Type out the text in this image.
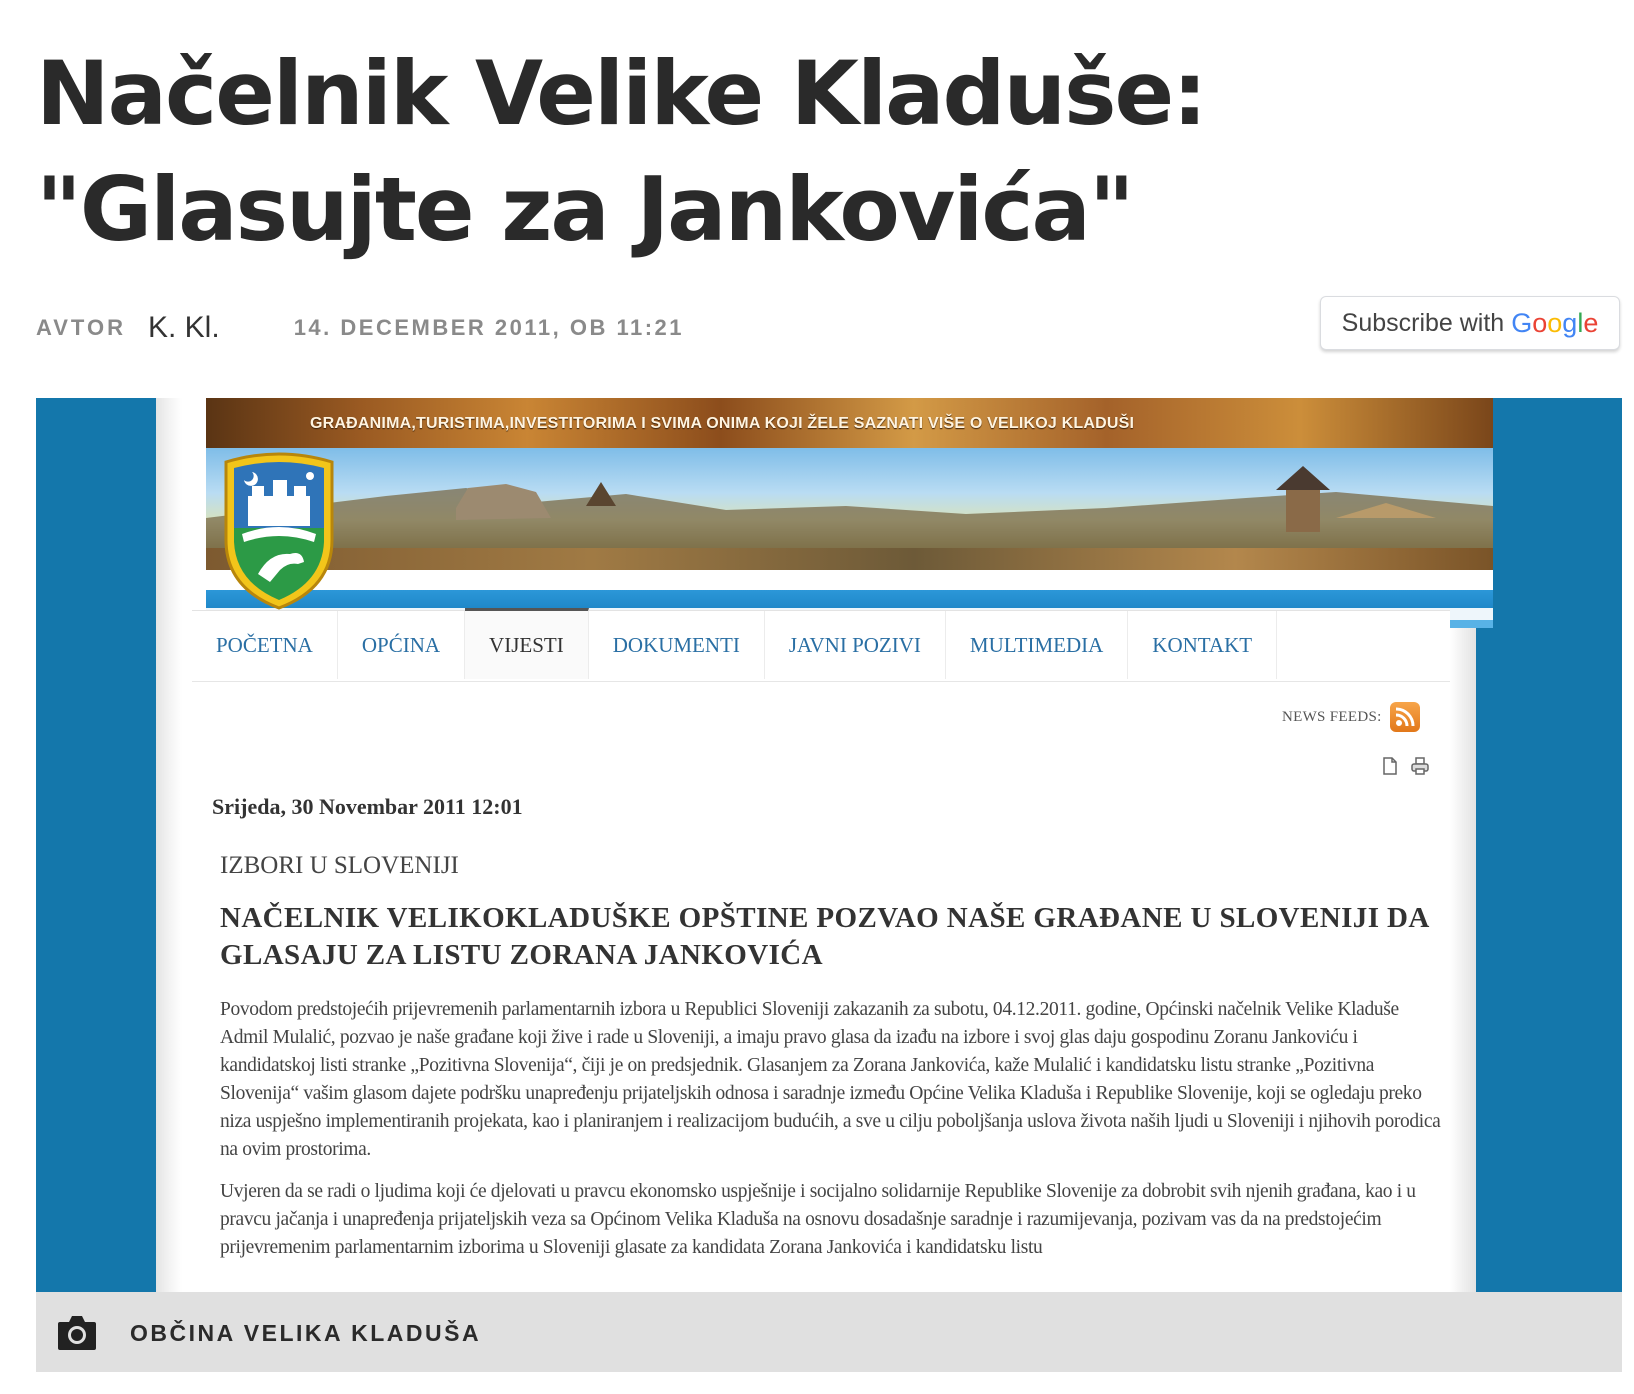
Načelnik Velike Kladuše: "Glasujte za Jankovića"
AVTOR K. Kl.	14. DECEMBER 2011, OB 11:21	Subscribe with Google
GRAĐANIMA,TURISTIMA,INVESTITORIMA I SVIMA ONIMA KOJI ŽELE SAZNATI VIŠE O VELIKOJ KLADUŠI
POČETNA	OPĆINA	VIJESTI	DOKUMENTI	JAVNI POZIVI	MULTIMEDIA	KONTAKT
NEWS FEEDS:
Srijeda, 30 Novembar 2011 12:01
IZBORI U SLOVENIJI
NAČELNIK VELIKOKLADUŠKE OPŠTINE POZVAO NAŠE GRAĐANE U SLOVENIJI DA GLASAJU ZA LISTU ZORANA JANKOVIĆA

Povodom predstojećih prijevremenih parlamentarnih izbora u Republici Sloveniji zakazanih za subotu, 04.12.2011. godine, Općinski načelnik Velike Kladuše Admil Mulalić, pozvao je naše građane koji žive i rade u Sloveniji, a imaju pravo glasa da izađu na izbore i svoj glas daju gospodinu Zoranu Jankoviću i kandidatskoj listi stranke „Pozitivna Slovenija“, čiji je on predsjednik. Glasanjem za Zorana Jankovića, kaže Mulalić i kandidatsku listu stranke „Pozitivna Slovenija“ vašim glasom dajete podršku unapređenju prijateljskih odnosa i saradnje između Općine Velika Kladuša i Republike Slovenije, koji se ogledaju preko niza uspješno implementiranih projekata, kao i planiranjem i realizacijom budućih, a sve u cilju poboljšanja uslova života naših ljudi u Sloveniji i njihovih porodica na ovim prostorima.

Uvjeren da se radi o ljudima koji će djelovati u pravcu ekonomsko uspješnije i socijalno solidarnije Republike Slovenije za dobrobit svih njenih građana, kao i u pravcu jačanja i unapređenja prijateljskih veza sa Općinom Velika Kladuša na osnovu dosadašnje saradnje i razumijevanja, pozivam vas da na predstojećim prijevremenim parlamentarnim izborima u Sloveniji glasate za kandidata Zorana Jankovića i kandidatsku listu

OBČINA VELIKA KLADUŠA
